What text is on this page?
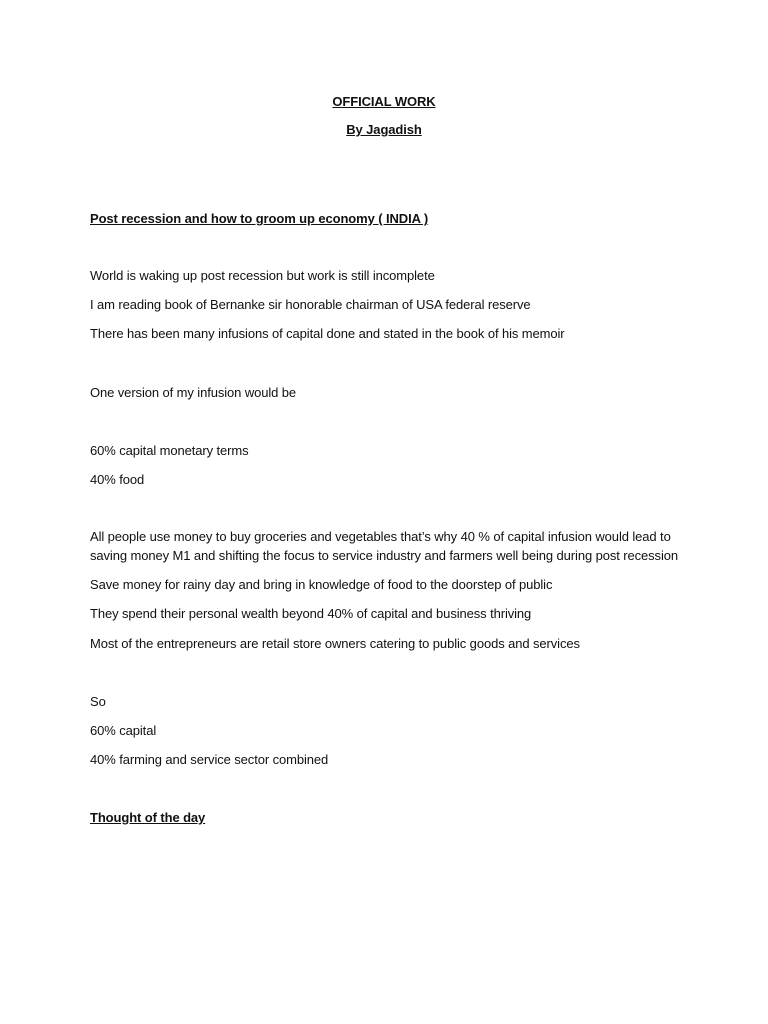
OFFICIAL WORK
By Jagadish
Post recession and how to groom up economy ( INDIA )
World is waking up post recession but work is still incomplete
I am reading book of Bernanke sir honorable chairman of USA federal reserve
There has been many infusions of capital done and stated in the book of his memoir
One version of my infusion would be
60% capital monetary terms
40% food
All people use money to buy groceries and vegetables that’s why 40 % of capital infusion would lead to
saving money M1 and shifting the focus to service industry and farmers well being during post recession
Save money for rainy day and bring in knowledge of food to the doorstep of public
They spend their personal wealth beyond 40% of capital and business thriving
Most of the entrepreneurs are retail store owners catering to public goods and services
So
60% capital
40% farming and service sector combined
Thought of the day
